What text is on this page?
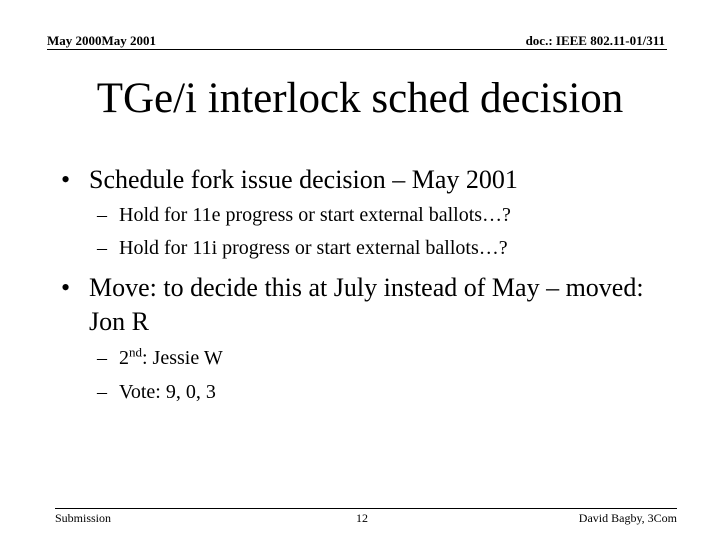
May 2000May 2001	doc.: IEEE 802.11-01/311
TGe/i interlock sched decision
• Schedule fork issue decision – May 2001
– Hold for 11e progress or start external ballots…?
– Hold for 11i progress or start external ballots…?
• Move: to decide this at July instead of May – moved: Jon R
– 2nd: Jessie W
– Vote: 9, 0, 3
Submission	12	David Bagby, 3Com
